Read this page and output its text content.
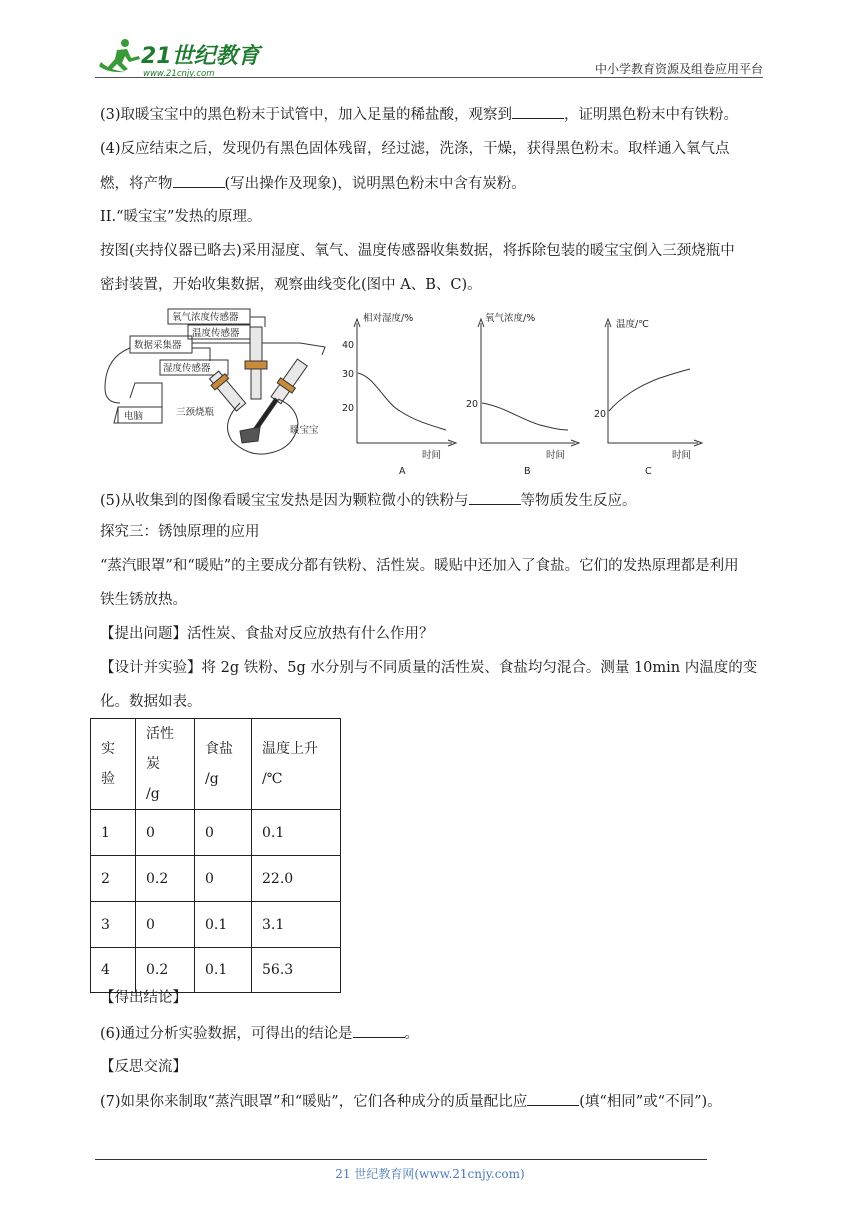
21世纪教育
www.21cnjy.com	中小学教育资源及组卷应用平台
(3)取暖宝宝中的黑色粉末于试管中，加入足量的稀盐酸，观察到	，证明黑色粉末中有铁粉。
(4)反应结束之后，发现仍有黑色固体残留，经过滤，洗涤，干燥，获得黑色粉末。取样通入氧气点
燃，将产物	(写出操作及现象)，说明黑色粉末中含有炭粉。
II.“暖宝宝”发热的原理。
按图(夹持仪器已略去)采用湿度、氧气、温度传感器收集数据，将拆除包装的暖宝宝倒入三颈烧瓶中
密封装置，开始收集数据，观察曲线变化(图中 A、B、C)。
氧气浓度传感器
温度传感器
数据采集器
湿度传感器
三颈烧瓶
电脑
暖宝宝
相对湿度/%
40
30
20
时间
A
氧气浓度/%
20
时间
B
温度/℃
20
时间
C
(5)从收集到的图像看暖宝宝发热是因为颗粒微小的铁粉与	等物质发生反应。
探究三：锈蚀原理的应用
“蒸汽眼罩”和“暖贴”的主要成分都有铁粉、活性炭。暖贴中还加入了食盐。它们的发热原理都是利用
铁生锈放热。
【提出问题】活性炭、食盐对反应放热有什么作用？
【设计并实验】将 2g 铁粉、5g 水分别与不同质量的活性炭、食盐均匀混合。测量 10min 内温度的变
化。数据如表。
实
验	活性炭
/g	食盐
/g	温度上升
/℃
1	0	0	0.1
2	0.2	0	22.0
3	0	0.1	3.1
4	0.2	0.1	56.3
【得出结论】
(6)通过分析实验数据，可得出的结论是	。
【反思交流】
(7)如果你来制取“蒸汽眼罩”和“暖贴”，它们各种成分的质量配比应	(填“相同”或“不同”)。
21 世纪教育网(www.21cnjy.com)
